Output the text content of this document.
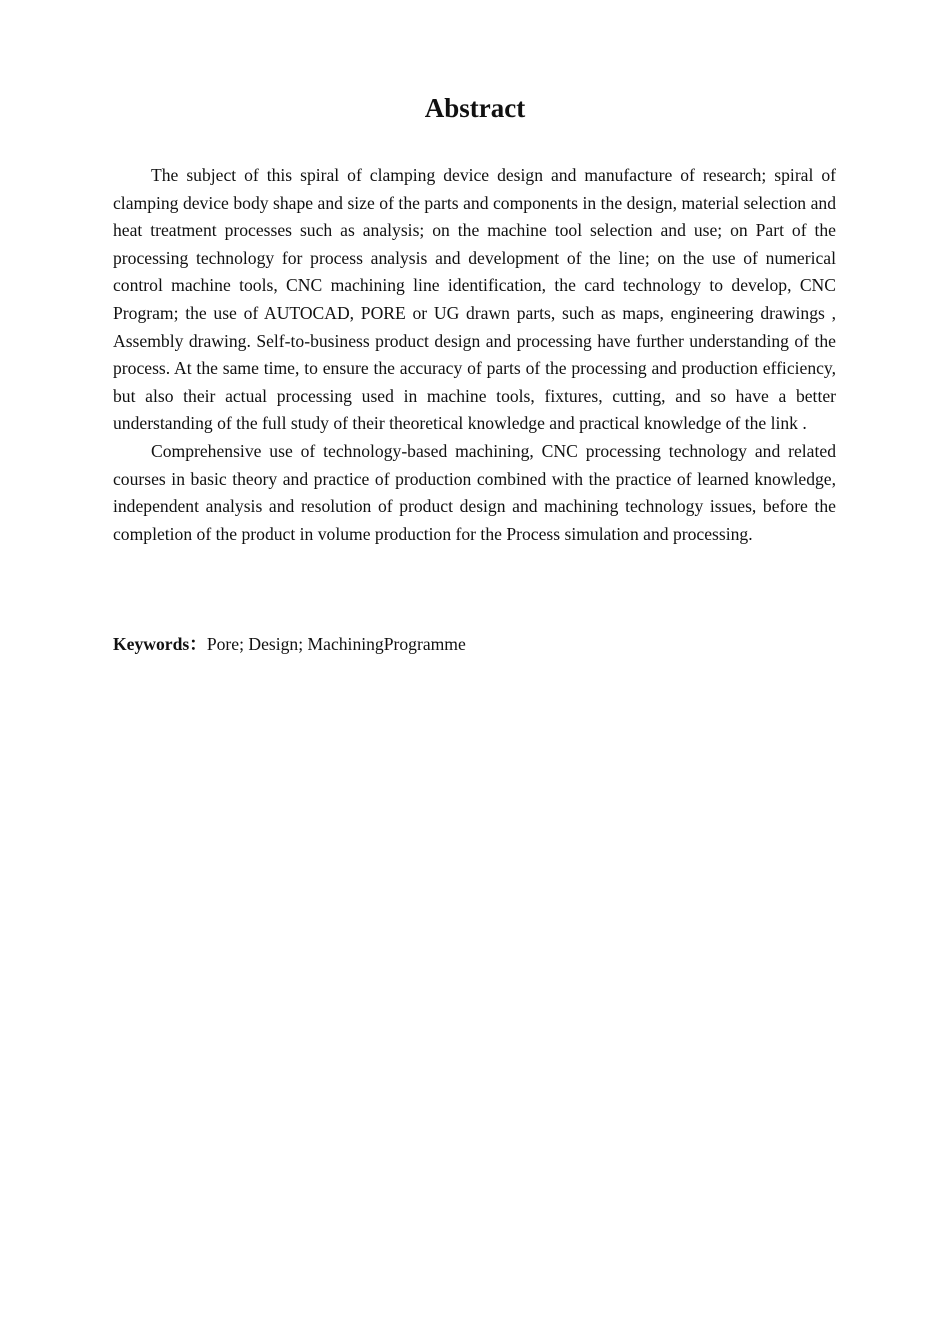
Abstract

The subject of this spiral of clamping device design and manufacture of research; spiral of clamping device body shape and size of the parts and components in the design, material selection and heat treatment processes such as analysis; on the machine tool selection and use; on Part of the processing technology for process analysis and development of the line; on the use of numerical control machine tools, CNC machining line identification, the card technology to develop, CNC Program; the use of AUTOCAD, PORE or UG drawn parts, such as maps, engineering drawings , Assembly drawing. Self-to-business product design and processing have further understanding of the process. At the same time, to ensure the accuracy of parts of the processing and production efficiency, but also their actual processing used in machine tools, fixtures, cutting, and so have a better understanding of the full study of their theoretical knowledge and practical knowledge of the link .

Comprehensive use of technology-based machining, CNC processing technology and related courses in basic theory and practice of production combined with the practice of learned knowledge, independent analysis and resolution of product design and machining technology issues, before the completion of the product in volume production for the Process simulation and processing.

Keywords：Pore; Design; MachiningProgramme
